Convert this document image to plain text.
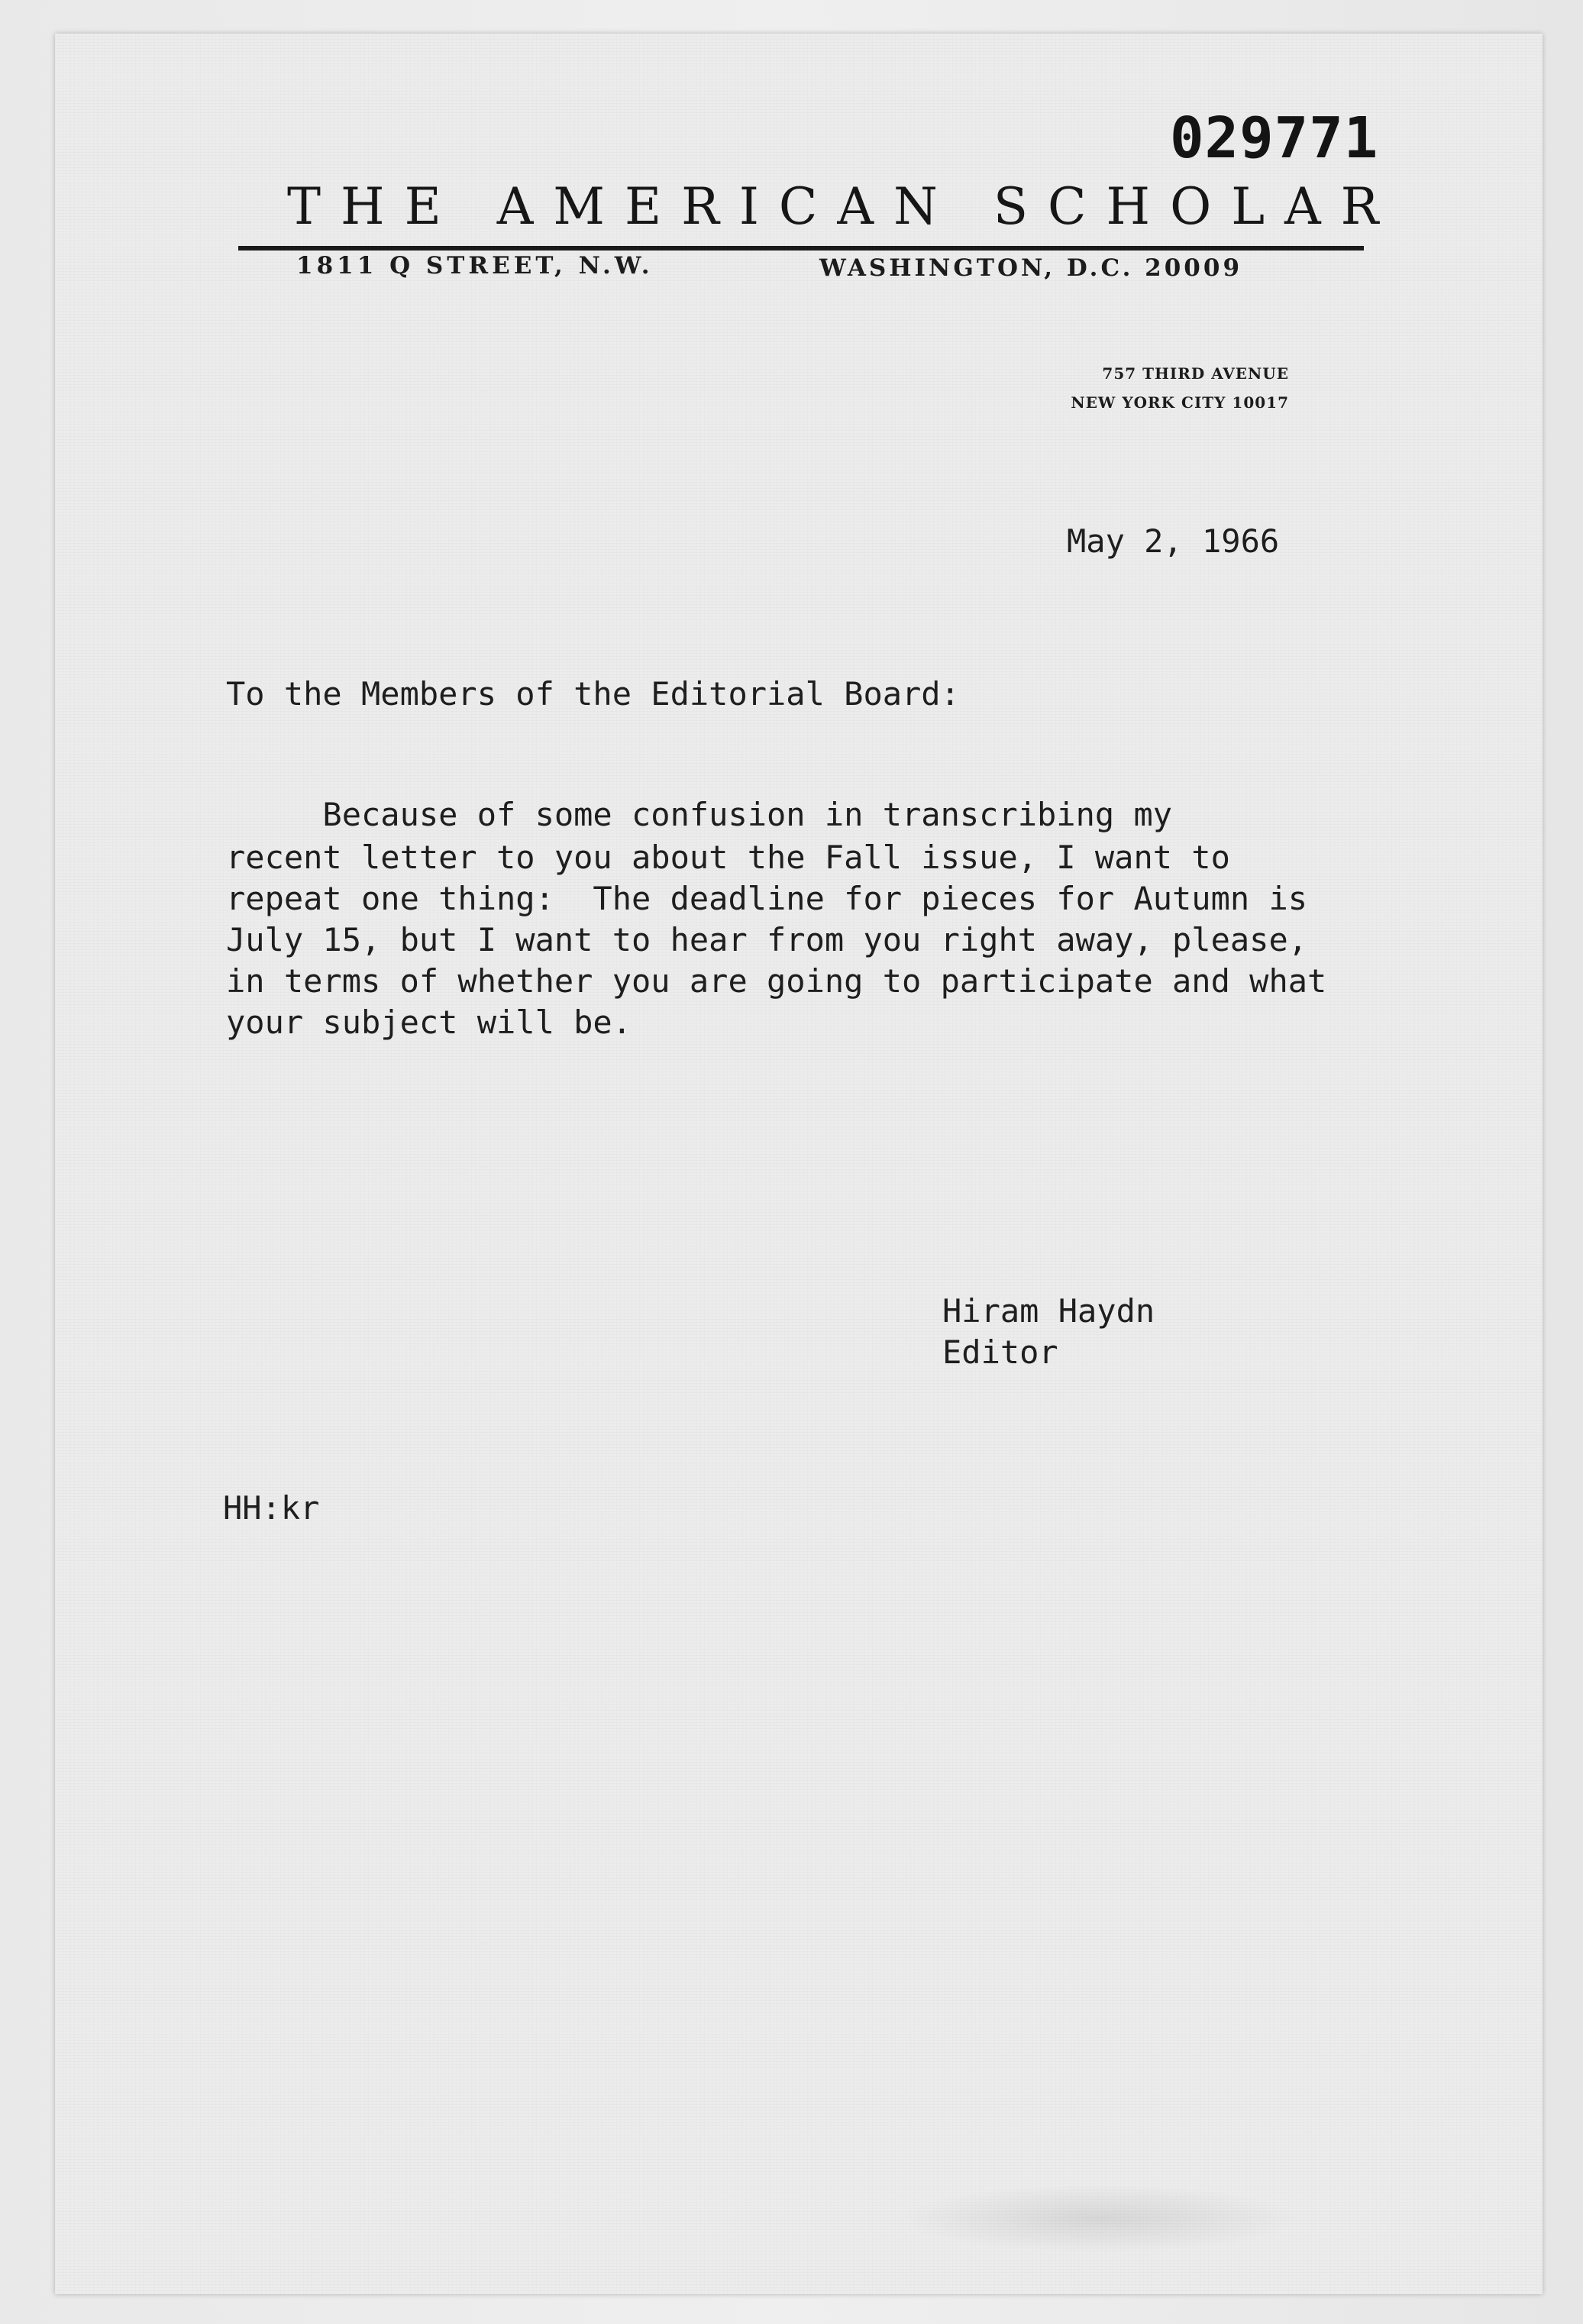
029771
THE AMERICAN SCHOLAR
1811 Q STREET, N.W.	WASHINGTON, D.C. 20009
757 THIRD AVENUE
NEW YORK CITY 10017
May 2, 1966
To the Members of the Editorial Board:
Because of some confusion in transcribing my
recent letter to you about the Fall issue, I want to
repeat one thing:  The deadline for pieces for Autumn is
July 15, but I want to hear from you right away, please,
in terms of whether you are going to participate and what
your subject will be.
Hiram Haydn
Editor
HH:kr
